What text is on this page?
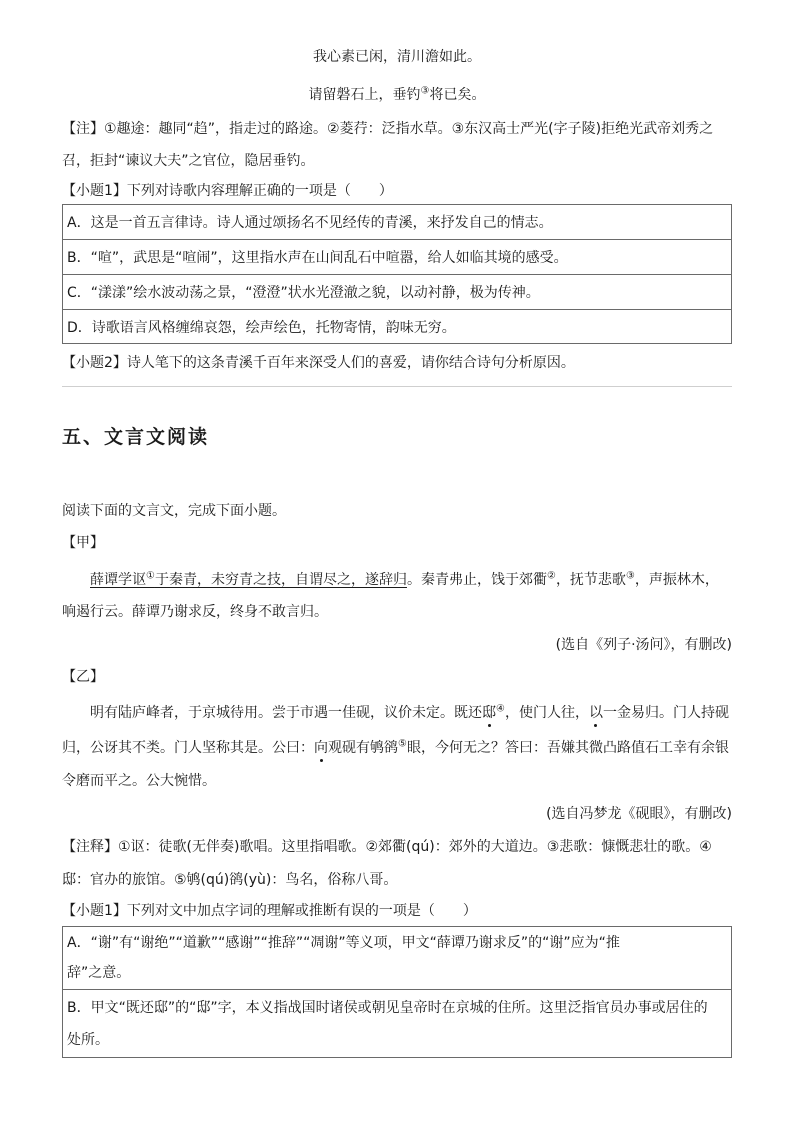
我心素已闲，清川澹如此。
请留磐石上，垂钓③将已矣。
【注】①趣途：趣同“趋”，指走过的路途。②菱荇：泛指水草。③东汉高士严光(字子陵)拒绝光武帝刘秀之
召，拒封“谏议大夫”之官位，隐居垂钓。
【小题1】下列对诗歌内容理解正确的一项是（　　）
A．这是一首五言律诗。诗人通过颂扬名不见经传的青溪，来抒发自己的情志。
B．“喧”，武思是“喧闹”，这里指水声在山间乱石中喧嚣，给人如临其境的感受。
C．“漾漾”绘水波动荡之景，“澄澄”状水光澄澈之貌，以动衬静，极为传神。
D．诗歌语言风格缠绵哀怨，绘声绘色，托物寄情，韵味无穷。
【小题2】诗人笔下的这条青溪千百年来深受人们的喜爱，请你结合诗句分析原因。
五、文言文阅读
阅读下面的文言文，完成下面小题。
【甲】
薛谭学讴①于秦青，未穷青之技，自谓尽之，遂辞归。秦青弗止，饯于郊衢②，抚节悲歌③，声振林木，
响遏行云。薛谭乃谢求反，终身不敢言归。
(选自《列子·汤问》，有删改)
【乙】
明有陆庐峰者，于京城待用。尝于市遇一佳砚，议价未定。既还邸④，使门人往，以一金易归。门人持砚
归，公讶其不类。门人坚称其是。公曰：向观砚有鸲鹆⑤眼，今何无之？答曰：吾嫌其微凸路值石工幸有余银
令磨而平之。公大惋惜。
(选自冯梦龙《砚眼》，有删改)
【注释】①讴：徒歌(无伴奏)歌唱。这里指唱歌。②郊衢(qú)：郊外的大道边。③悲歌：慷慨悲壮的歌。④
邸：官办的旅馆。⑤鸲(qú)鹆(yù)：鸟名，俗称八哥。
【小题1】下列对文中加点字词的理解或推断有误的一项是（　　）
A．“谢”有“谢绝”“道歉”“感谢”“推辞”“凋谢”等义项，甲文“薛谭乃谢求反”的“谢”应为“推
辞”之意。
B．甲文“既还邸”的“邸”字，本义指战国时诸侯或朝见皇帝时在京城的住所。这里泛指官员办事或居住的
处所。
